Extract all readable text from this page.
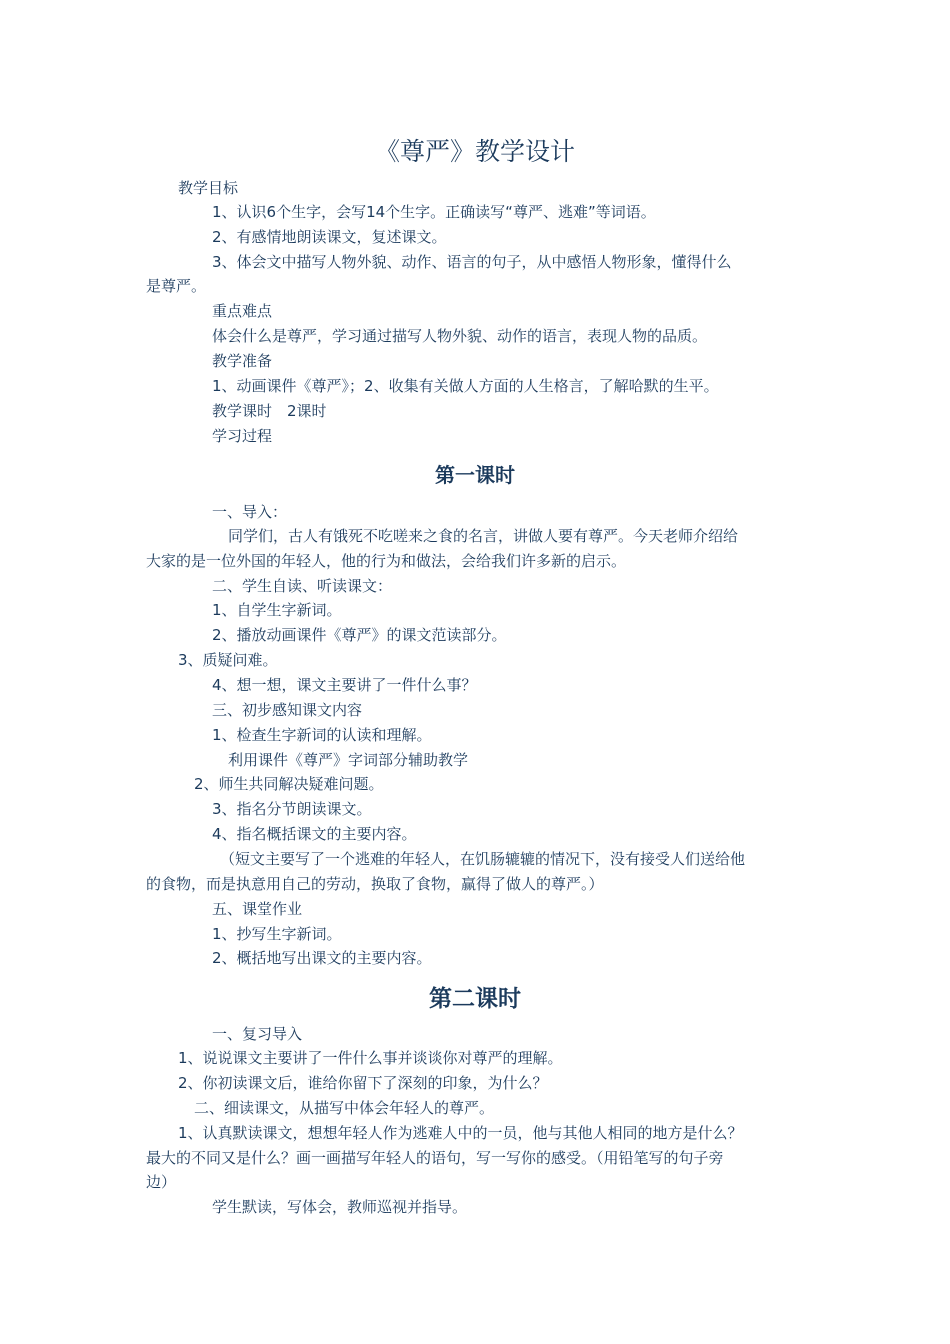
《尊严》教学设计
教学目标
1、认识6个生字，会写14个生字。正确读写“尊严、逃难”等词语。
2、有感情地朗读课文，复述课文。
3、体会文中描写人物外貌、动作、语言的句子，从中感悟人物形象，懂得什么
是尊严。
重点难点
体会什么是尊严，学习通过描写人物外貌、动作的语言，表现人物的品质。
教学准备
1、动画课件《尊严》；2、收集有关做人方面的人生格言，了解哈默的生平。
教学课时　2课时
学习过程
第一课时
一、导入：
同学们，古人有饿死不吃嗟来之食的名言，讲做人要有尊严。今天老师介绍给
大家的是一位外国的年轻人，他的行为和做法，会给我们许多新的启示。
二、学生自读、听读课文：
1、自学生字新词。
2、播放动画课件《尊严》的课文范读部分。
3、质疑问难。
4、想一想，课文主要讲了一件什么事？
三、初步感知课文内容
1、检查生字新词的认读和理解。
利用课件《尊严》字词部分辅助教学
2、师生共同解决疑难问题。
3、指名分节朗读课文。
4、指名概括课文的主要内容。
（短文主要写了一个逃难的年轻人，在饥肠辘辘的情况下，没有接受人们送给他
的食物，而是执意用自己的劳动，换取了食物，赢得了做人的尊严。）
五、课堂作业
1、抄写生字新词。
2、概括地写出课文的主要内容。
第二课时
一、复习导入
1、说说课文主要讲了一件什么事并谈谈你对尊严的理解。
2、你初读课文后，谁给你留下了深刻的印象，为什么？
二、细读课文，从描写中体会年轻人的尊严。
1、认真默读课文，想想年轻人作为逃难人中的一员，他与其他人相同的地方是什么？
最大的不同又是什么？画一画描写年轻人的语句，写一写你的感受。（用铅笔写的句子旁
边）
学生默读，写体会，教师巡视并指导。
